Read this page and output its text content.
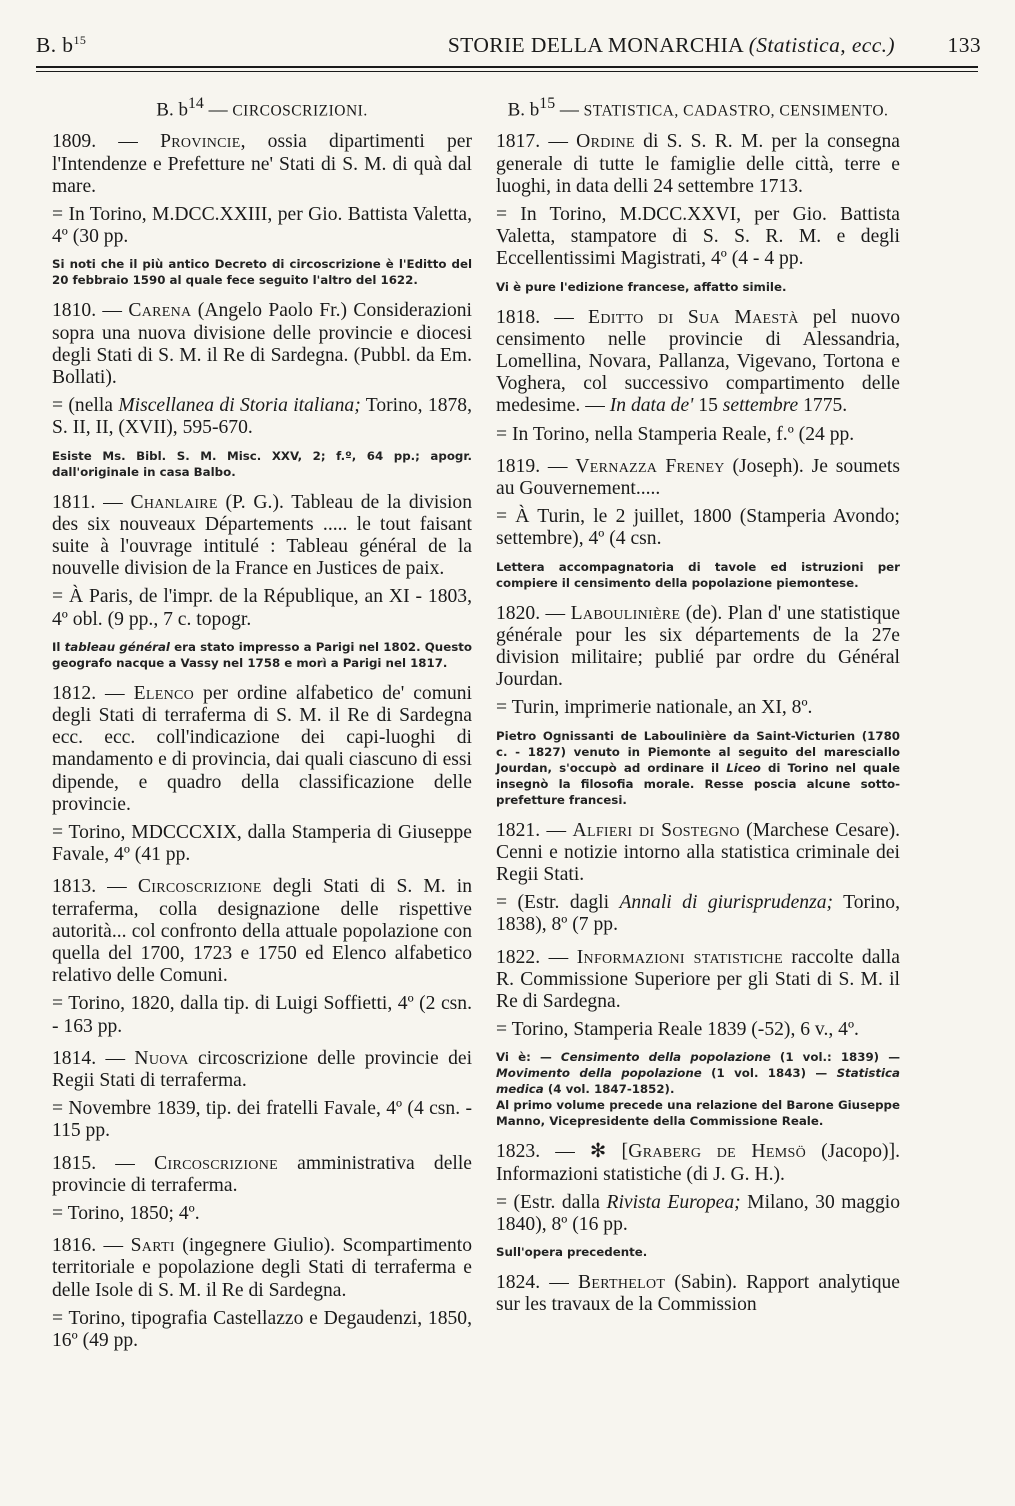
B. $b^{15}$	STORIE DELLA MONARCHIA (Statistica, ecc.) 133
B. $b^{14}$ — CIRCOSCRIZIONI.
1809. — Provincie, ossia dipartimenti per l'Intendenze e Prefetture ne' Stati di S. M. di quà dal mare.
= In Torino, M.DCC.XXIII, per Gio. Battista Valetta, 4º (30 pp.
Si noti che il più antico Decreto di circoscrizione è l'Editto del 20 febbraio 1590 al quale fece seguito l'altro del 1622.
1810. — Carena (Angelo Paolo Fr.) Considerazioni sopra una nuova divisione delle provincie e diocesi degli Stati di S. M. il Re di Sardegna. (Pubbl. da Em. Bollati).
= (nella Miscellanea di Storia italiana; Torino, 1878, S. II, II, (XVII), 595-670.
Esiste Ms. Bibl. S. M. Misc. XXV, 2; f.º, 64 pp.; apogr. dall'originale in casa Balbo.
1811. — Chanlaire (P. G.). Tableau de la division des six nouveaux Départements ..... le tout faisant suite à l'ouvrage intitulé : Tableau général de la nouvelle division de la France en Justices de paix.
= À Paris, de l'impr. de la République, an XI - 1803, 4º obl. (9 pp., 7 c. topogr.
Il tableau général era stato impresso a Parigi nel 1802. Questo geografo nacque a Vassy nel 1758 e morì a Parigi nel 1817.
1812. — Elenco per ordine alfabetico de' comuni degli Stati di terraferma di S. M. il Re di Sardegna ecc. ecc. coll'indicazione dei capi-luoghi di mandamento e di provincia, dai quali ciascuno di essi dipende, e quadro della classificazione delle provincie.
= Torino, MDCCCXIX, dalla Stamperia di Giuseppe Favale, 4º (41 pp.
1813. — Circoscrizione degli Stati di S. M. in terraferma, colla designazione delle rispettive autorità... col confronto della attuale popolazione con quella del 1700, 1723 e 1750 ed Elenco alfabetico relativo delle Comuni.
= Torino, 1820, dalla tip. di Luigi Soffietti, 4º (2 csn. - 163 pp.
1814. — Nuova circoscrizione delle provincie dei Regii Stati di terraferma.
= Novembre 1839, tip. dei fratelli Favale, 4º (4 csn. - 115 pp.
1815. — Circoscrizione amministrativa delle provincie di terraferma.
= Torino, 1850; 4º.
1816. — Sarti (ingegnere Giulio). Scompartimento territoriale e popolazione degli Stati di terraferma e delle Isole di S. M. il Re di Sardegna.
= Torino, tipografia Castellazzo e Degaudenzi, 1850, 16º (49 pp.
B. $b^{15}$ — STATISTICA, CADASTRO, CENSIMENTO.
1817. — Ordine di S. S. R. M. per la consegna generale di tutte le famiglie delle città, terre e luoghi, in data delli 24 settembre 1713.
= In Torino, M.DCC.XXVI, per Gio. Battista Valetta, stampatore di S. S. R. M. e degli Eccellentissimi Magistrati, 4º (4 - 4 pp.
Vi è pure l'edizione francese, affatto simile.
1818. — Editto di Sua Maestà pel nuovo censimento nelle provincie di Alessandria, Lomellina, Novara, Pallanza, Vigevano, Tortona e Voghera, col successivo compartimento delle medesime. — In data de' 15 settembre 1775.
= In Torino, nella Stamperia Reale, f.º (24 pp.
1819. — Vernazza Freney (Joseph). Je soumets au Gouvernement.....
= À Turin, le 2 juillet, 1800 (Stamperia Avondo; settembre), 4º (4 csn.
Lettera accompagnatoria di tavole ed istruzioni per compiere il censimento della popolazione piemontese.
1820. — Laboulinière (de). Plan d' une statistique générale pour les six départements de la 27e division militaire; publié par ordre du Général Jourdan.
= Turin, imprimerie nationale, an XI, 8º.
Pietro Ognissanti de Laboulinière da Saint-Victurien (1780 c. - 1827) venuto in Piemonte al seguito del maresciallo Jourdan, s'occupò ad ordinare il Liceo di Torino nel quale insegnò la filosofia morale. Resse poscia alcune sotto-prefetture francesi.
1821. — Alfieri di Sostegno (Marchese Cesare). Cenni e notizie intorno alla statistica criminale dei Regii Stati.
= (Estr. dagli Annali di giurisprudenza; Torino, 1838), 8º (7 pp.
1822. — Informazioni statistiche raccolte dalla R. Commissione Superiore per gli Stati di S. M. il Re di Sardegna.
= Torino, Stamperia Reale 1839 (-52), 6 v., 4º.
Vi è: — Censimento della popolazione (1 vol.: 1839) — Movimento della popolazione (1 vol. 1843) — Statistica medica (4 vol. 1847-1852).
Al primo volume precede una relazione del Barone Giuseppe Manno, Vicepresidente della Commissione Reale.
1823. — ✻ [Graberg de Hemsö (Jacopo)]. Informazioni statistiche (di J. G. H.).
= (Estr. dalla Rivista Europea; Milano, 30 maggio 1840), 8º (16 pp.
Sull'opera precedente.
1824. — Berthelot (Sabin). Rapport analytique sur les travaux de la Commission
